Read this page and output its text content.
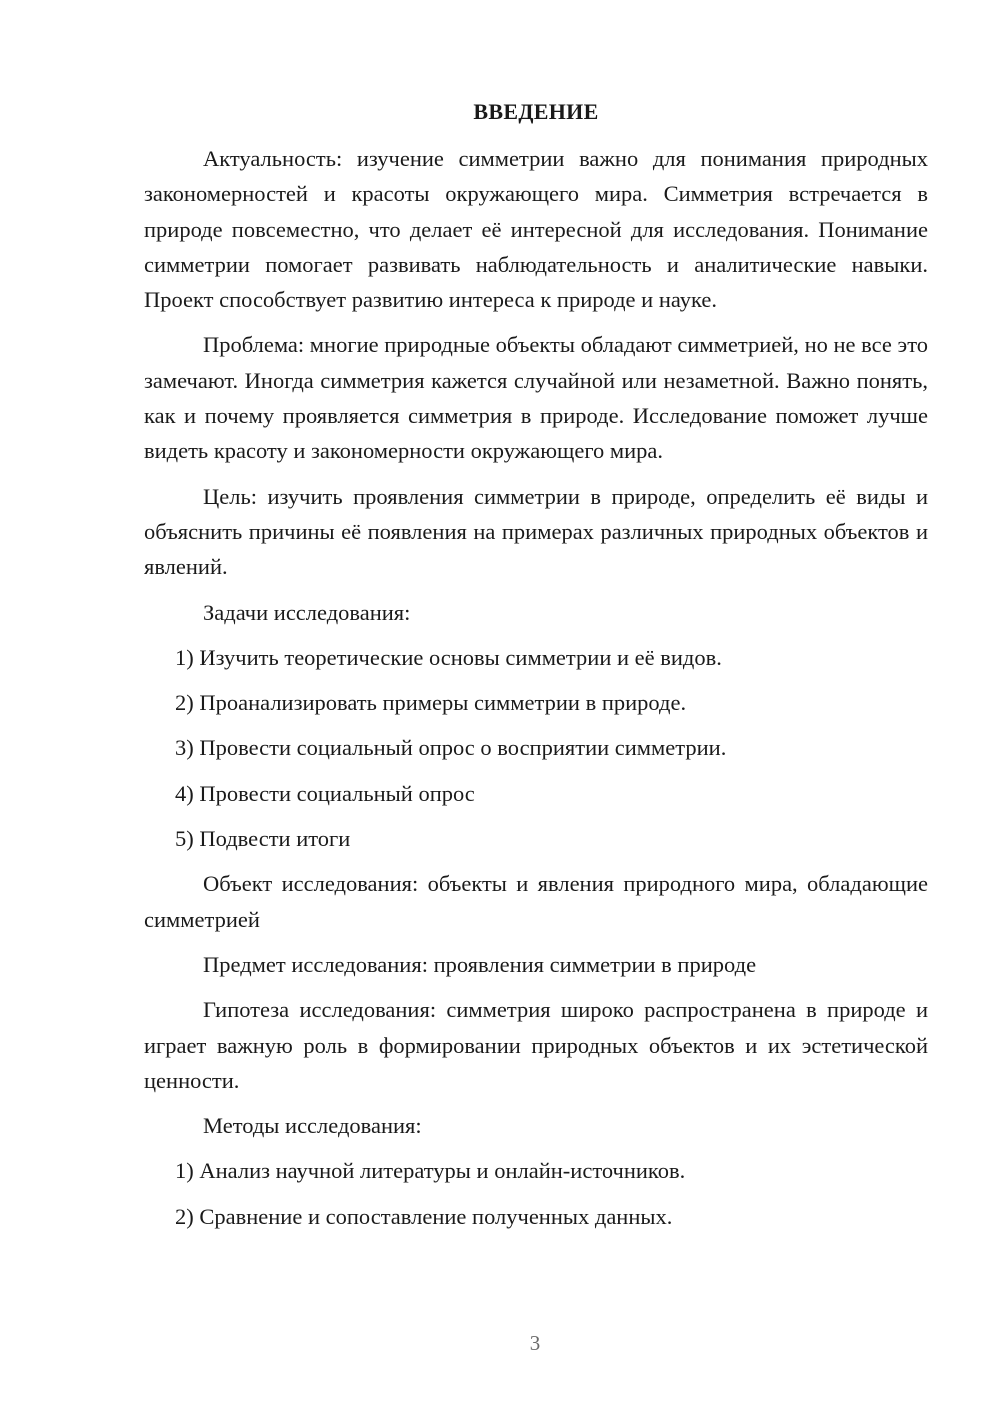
ВВЕДЕНИЕ

Актуальность: изучение симметрии важно для понимания природных закономерностей и красоты окружающего мира. Симметрия встречается в природе повсеместно, что делает её интересной для исследования. Понимание симметрии помогает развивать наблюдательность и аналитические навыки. Проект способствует развитию интереса к природе и науке.

Проблема: многие природные объекты обладают симметрией, но не все это замечают. Иногда симметрия кажется случайной или незаметной. Важно понять, как и почему проявляется симметрия в природе. Исследование поможет лучше видеть красоту и закономерности окружающего мира.

Цель: изучить проявления симметрии в природе, определить её виды и объяснить причины её появления на примерах различных природных объектов и явлений.

Задачи исследования:

1) Изучить теоретические основы симметрии и её видов.
2) Проанализировать примеры симметрии в природе.
3) Провести социальный опрос о восприятии симметрии.
4) Провести социальный опрос
5) Подвести итоги

Объект исследования: объекты и явления природного мира, обладающие симметрией

Предмет исследования: проявления симметрии в природе

Гипотеза исследования: симметрия широко распространена в природе и играет важную роль в формировании природных объектов и их эстетической ценности.

Методы исследования:

1) Анализ научной литературы и онлайн-источников.
2) Сравнение и сопоставление полученных данных.
3
